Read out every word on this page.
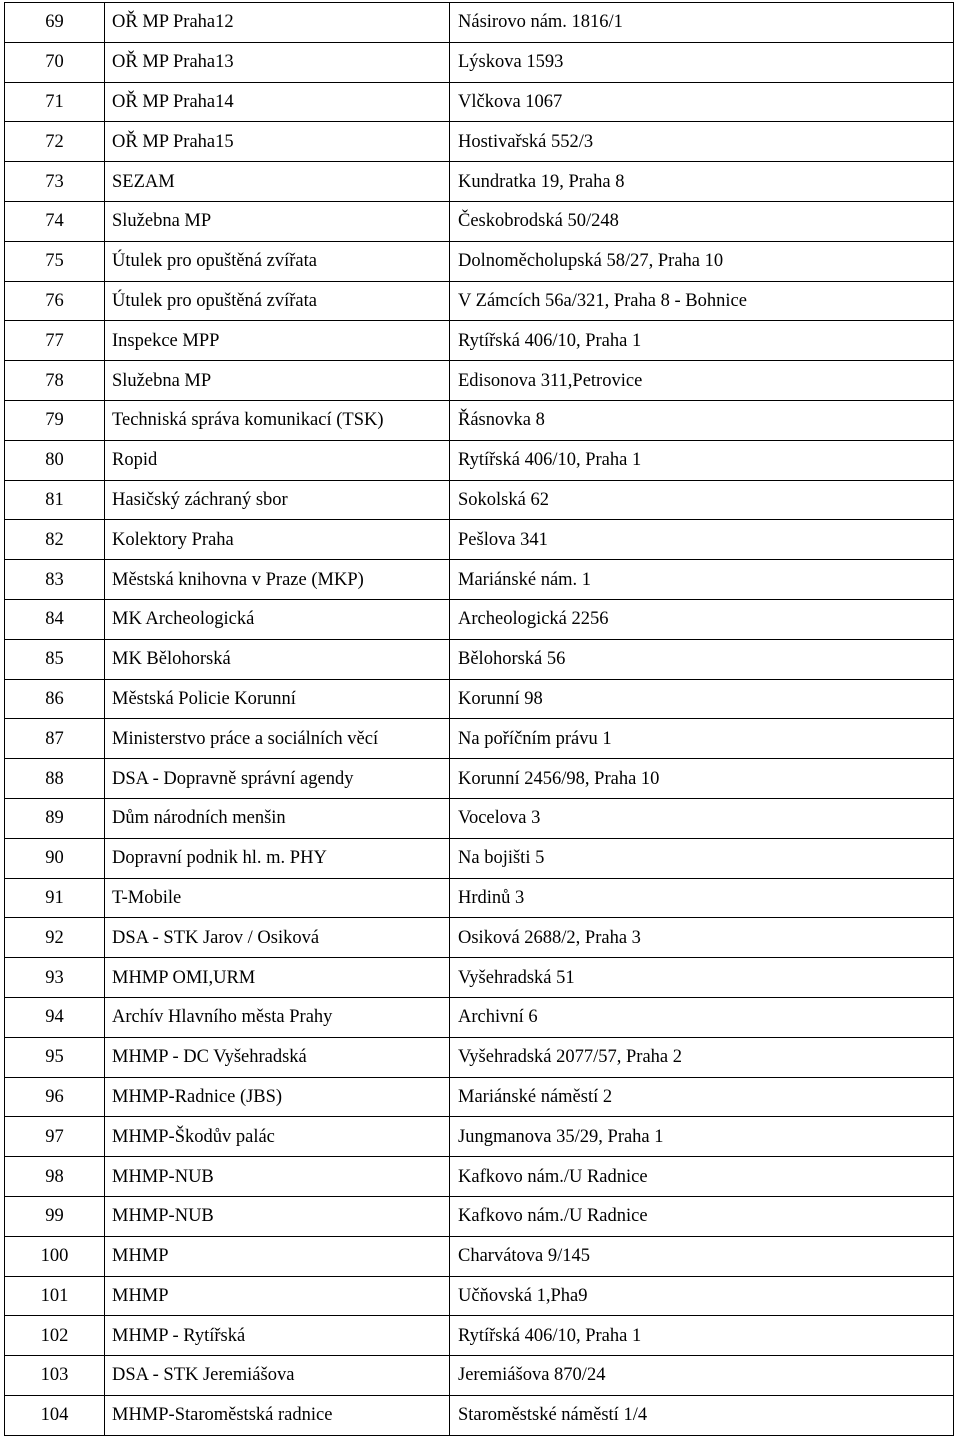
69	OŘ MP Praha12	Násirovo nám. 1816/1
70	OŘ MP Praha13	Lýskova 1593
71	OŘ MP Praha14	Vlčkova 1067
72	OŘ MP Praha15	Hostivařská 552/3
73	SEZAM	Kundratka 19, Praha 8
74	Služebna MP	Českobrodská 50/248
75	Útulek pro opuštěná zvířata	Dolnoměcholupská 58/27, Praha 10
76	Útulek pro opuštěná zvířata	V Zámcích 56a/321, Praha 8 - Bohnice
77	Inspekce MPP	Rytířská 406/10, Praha 1
78	Služebna MP	Edisonova 311,Petrovice
79	Techniská správa komunikací (TSK)	Řásnovka 8
80	Ropid	Rytířská 406/10, Praha 1
81	Hasičský záchraný sbor	Sokolská 62
82	Kolektory Praha	Pešlova 341
83	Městská knihovna v Praze (MKP)	Mariánské nám. 1
84	MK Archeologická	Archeologická 2256
85	MK Bělohorská	Bělohorská 56
86	Městská Policie Korunní	Korunní 98
87	Ministerstvo práce a sociálních věcí	Na poříčním právu 1
88	DSA - Dopravně správní agendy	Korunní 2456/98, Praha 10
89	Dům národních menšin	Vocelova 3
90	Dopravní podnik hl. m. PHY	Na bojišti 5
91	T-Mobile	Hrdinů 3
92	DSA - STK Jarov / Osiková	Osiková 2688/2, Praha 3
93	MHMP OMI,URM	Vyšehradská 51
94	Archív Hlavního města Prahy	Archivní 6
95	MHMP - DC Vyšehradská	Vyšehradská 2077/57, Praha 2
96	MHMP-Radnice (JBS)	Mariánské náměstí 2
97	MHMP-Škodův palác	Jungmanova 35/29, Praha 1
98	MHMP-NUB	Kafkovo nám./U Radnice
99	MHMP-NUB	Kafkovo nám./U Radnice
100	MHMP	Charvátova 9/145
101	MHMP	Učňovská 1,Pha9
102	MHMP - Rytířská	Rytířská 406/10, Praha 1
103	DSA - STK Jeremiášova	Jeremiášova 870/24
104	MHMP-Staroměstská radnice	Staroměstské náměstí 1/4
